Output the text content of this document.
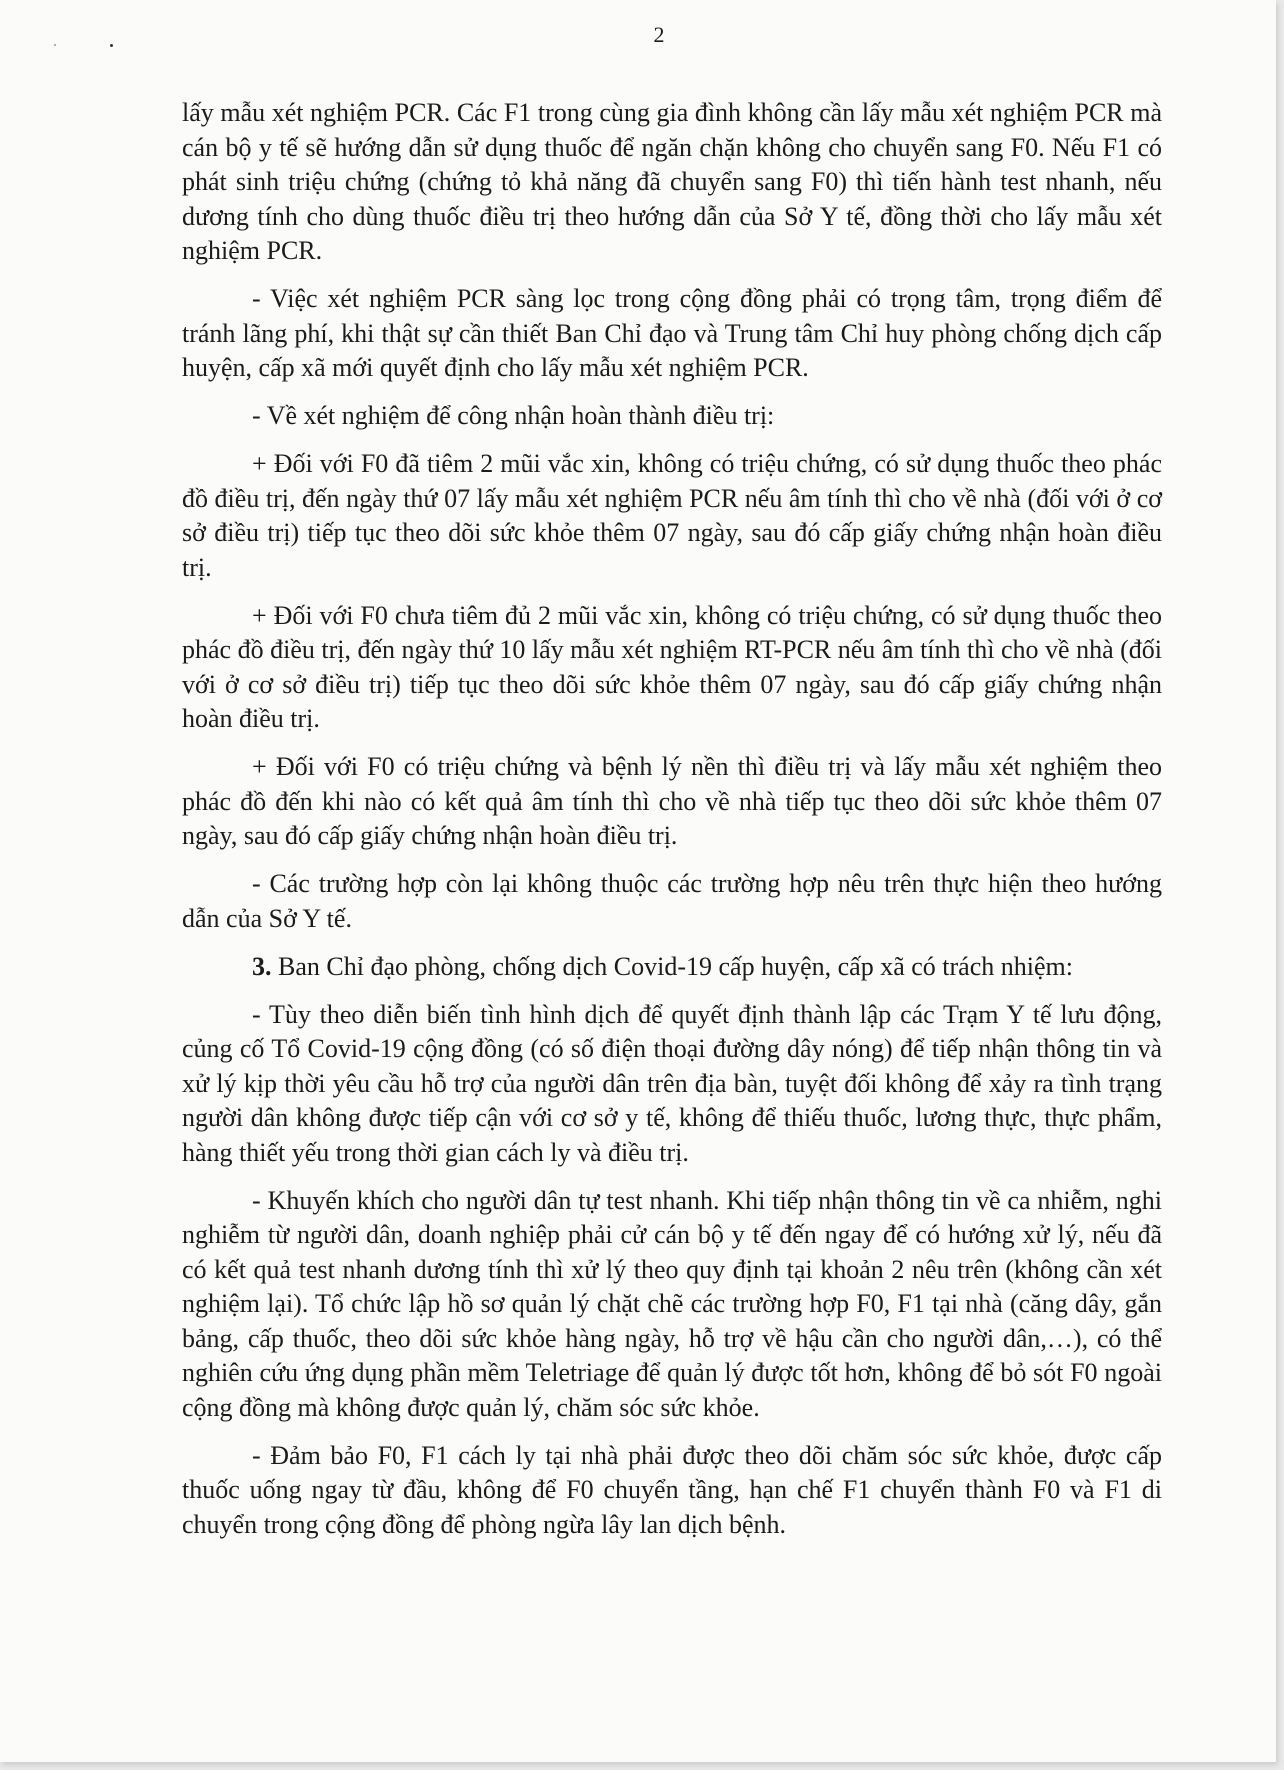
2

lấy mẫu xét nghiệm PCR. Các F1 trong cùng gia đình không cần lấy mẫu xét nghiệm PCR mà cán bộ y tế sẽ hướng dẫn sử dụng thuốc để ngăn chặn không cho chuyển sang F0. Nếu F1 có phát sinh triệu chứng (chứng tỏ khả năng đã chuyển sang F0) thì tiến hành test nhanh, nếu dương tính cho dùng thuốc điều trị theo hướng dẫn của Sở Y tế, đồng thời cho lấy mẫu xét nghiệm PCR.

- Việc xét nghiệm PCR sàng lọc trong cộng đồng phải có trọng tâm, trọng điểm để tránh lãng phí, khi thật sự cần thiết Ban Chỉ đạo và Trung tâm Chỉ huy phòng chống dịch cấp huyện, cấp xã mới quyết định cho lấy mẫu xét nghiệm PCR.

- Về xét nghiệm để công nhận hoàn thành điều trị:

+ Đối với F0 đã tiêm 2 mũi vắc xin, không có triệu chứng, có sử dụng thuốc theo phác đồ điều trị, đến ngày thứ 07 lấy mẫu xét nghiệm PCR nếu âm tính thì cho về nhà (đối với ở cơ sở điều trị) tiếp tục theo dõi sức khỏe thêm 07 ngày, sau đó cấp giấy chứng nhận hoàn điều trị.

+ Đối với F0 chưa tiêm đủ 2 mũi vắc xin, không có triệu chứng, có sử dụng thuốc theo phác đồ điều trị, đến ngày thứ 10 lấy mẫu xét nghiệm RT-PCR nếu âm tính thì cho về nhà (đối với ở cơ sở điều trị) tiếp tục theo dõi sức khỏe thêm 07 ngày, sau đó cấp giấy chứng nhận hoàn điều trị.

+ Đối với F0 có triệu chứng và bệnh lý nền thì điều trị và lấy mẫu xét nghiệm theo phác đồ đến khi nào có kết quả âm tính thì cho về nhà tiếp tục theo dõi sức khỏe thêm 07 ngày, sau đó cấp giấy chứng nhận hoàn điều trị.

- Các trường hợp còn lại không thuộc các trường hợp nêu trên thực hiện theo hướng dẫn của Sở Y tế.

3. Ban Chỉ đạo phòng, chống dịch Covid-19 cấp huyện, cấp xã có trách nhiệm:

- Tùy theo diễn biến tình hình dịch để quyết định thành lập các Trạm Y tế lưu động, củng cố Tổ Covid-19 cộng đồng (có số điện thoại đường dây nóng) để tiếp nhận thông tin và xử lý kịp thời yêu cầu hỗ trợ của người dân trên địa bàn, tuyệt đối không để xảy ra tình trạng người dân không được tiếp cận với cơ sở y tế, không để thiếu thuốc, lương thực, thực phẩm, hàng thiết yếu trong thời gian cách ly và điều trị.

- Khuyến khích cho người dân tự test nhanh. Khi tiếp nhận thông tin về ca nhiễm, nghi nghiễm từ người dân, doanh nghiệp phải cử cán bộ y tế đến ngay để có hướng xử lý, nếu đã có kết quả test nhanh dương tính thì xử lý theo quy định tại khoản 2 nêu trên (không cần xét nghiệm lại). Tổ chức lập hồ sơ quản lý chặt chẽ các trường hợp F0, F1 tại nhà (căng dây, gắn bảng, cấp thuốc, theo dõi sức khỏe hàng ngày, hỗ trợ về hậu cần cho người dân,…), có thể nghiên cứu ứng dụng phần mềm Teletriage để quản lý được tốt hơn, không để bỏ sót F0 ngoài cộng đồng mà không được quản lý, chăm sóc sức khỏe.

- Đảm bảo F0, F1 cách ly tại nhà phải được theo dõi chăm sóc sức khỏe, được cấp thuốc uống ngay từ đầu, không để F0 chuyển tầng, hạn chế F1 chuyển thành F0 và F1 di chuyển trong cộng đồng để phòng ngừa lây lan dịch bệnh.
